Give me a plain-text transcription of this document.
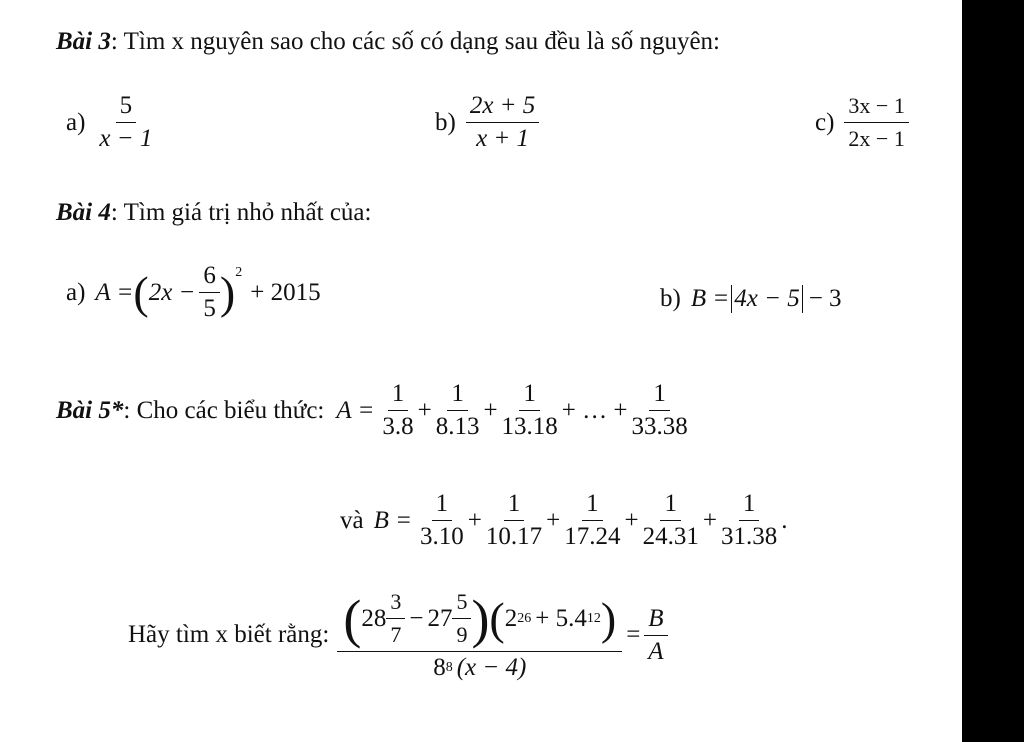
Bài 3: Tìm x nguyên sao cho các số có dạng sau đều là số nguyên:
$a) \frac{5}{x - 1}$	$b) \frac{2x + 5}{x + 1}$	$c) \frac{3x - 1}{2x - 1}$
Bài 4: Tìm giá trị nhỏ nhất của:
a) A = ( $2x - \frac{6}{5} )^2$
+ 2015	b) B = 4x − 5 − 3
Bài 5* : Cho các biểu thức: $A = \frac{1}{3.8} + \frac{1}{8.13} + \frac{1}{13.18}$ + … + $\frac{1}{33.38}$
và $B = \frac{1}{3.10} + \frac{1}{10.17} + \frac{1}{17.24} + \frac{1}{24.31} + \frac{1}{31.38}$ .
Hãy tìm x biết rằng: ( $28 \frac{3}{7} - 27 \frac{5}{9}$ ) ( 2 26 + 5.4 12 )
8 8 (x − 4)
= $\frac{B}{A}$
